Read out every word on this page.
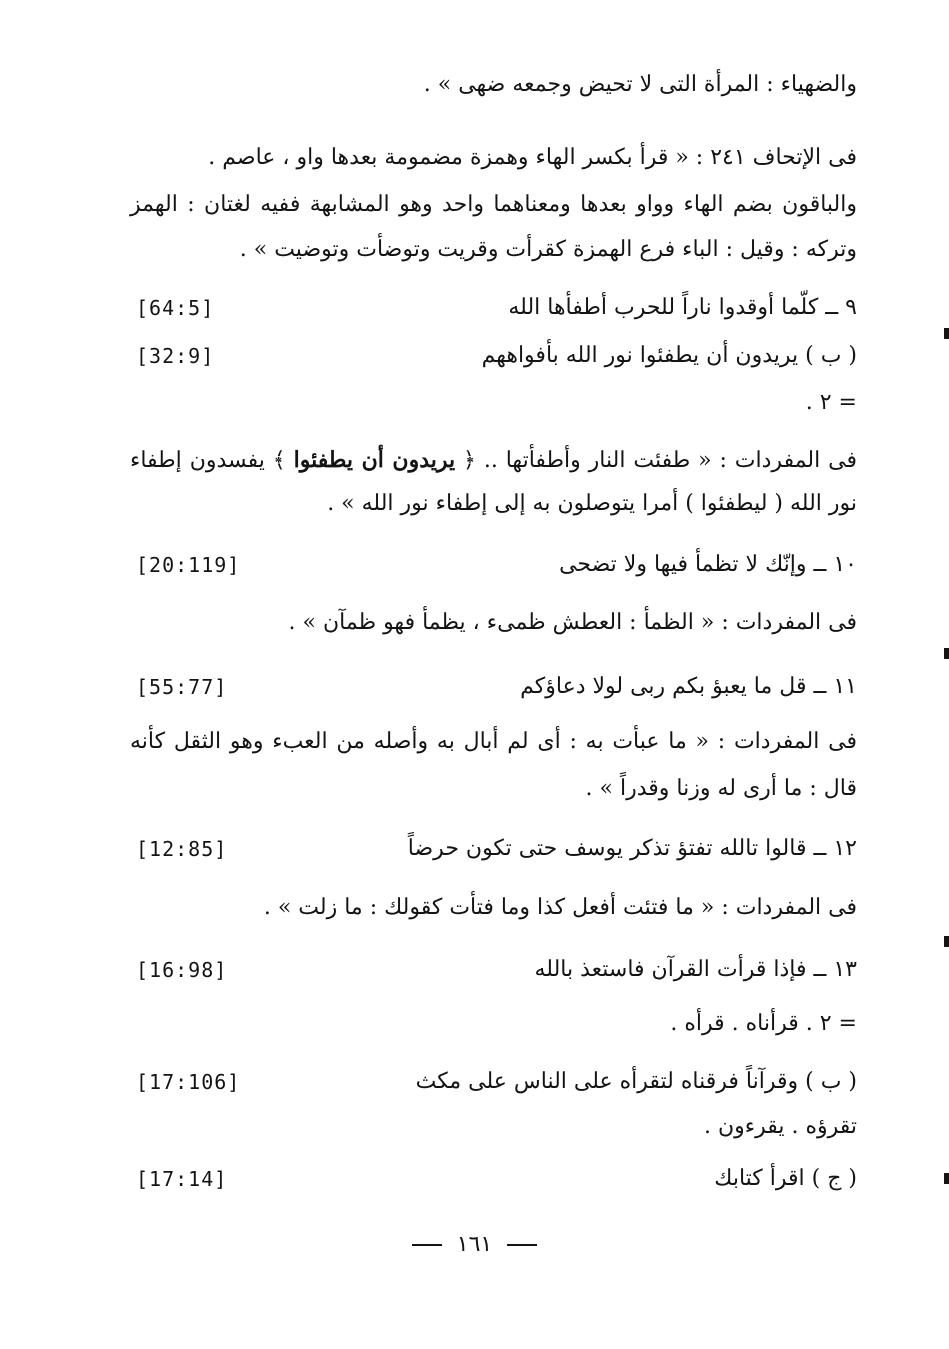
والضهياء : المرأة التى لا تحيض وجمعه ضهى » .
فى الإتحاف ٢٤١ : « قرأ بكسر الهاء وهمزة مضمومة بعدها واو ، عاصم .
والباقون بضم الهاء وواو بعدها ومعناهما واحد وهو المشابهة ففيه لغتان : الهمز
وتركه : وقيل : الباء فرع الهمزة كقرأت وقريت وتوضأت وتوضيت » .
٩ ــ كلّما أوقدوا ناراً للحرب أطفأها الله
[64:5]
( ب ) يريدون أن يطفئوا نور الله بأفواههم
[32:9]
= ٢ .
فى المفردات : « طفئت النار وأطفأتها .. ﴿ يريدون أن يطفئوا ﴾ يفسدون إطفاء
نور الله ( ليطفئوا ) أمرا يتوصلون به إلى إطفاء نور الله » .
١٠ ــ وإنّك لا تظمأ فيها ولا تضحى
[20:119]
فى المفردات : « الظمأ : العطش ظمىء ، يظمأ فهو ظمآن » .
١١ ــ قل ما يعبؤ بكم ربى لولا دعاؤكم
[55:77]
فى المفردات : « ما عبأت به : أى لم أبال به وأصله من العبء وهو الثقل كأنه
قال : ما أرى له وزنا وقدراً » .
١٢ ــ قالوا تالله تفتؤ تذكر يوسف حتى تكون حرضاً
[12:85]
فى المفردات : « ما فتئت أفعل كذا وما فتأت كقولك : ما زلت » .
١٣ ــ فإذا قرأت القرآن فاستعذ بالله
[16:98]
= ٢ . قرأناه . قرأه .
( ب ) وقرآناً فرقناه لتقرأه على الناس على مكث
[17:106]
تقرؤه . يقرءون .
( ج ) اقرأ كتابك
[17:14]
١٦١
